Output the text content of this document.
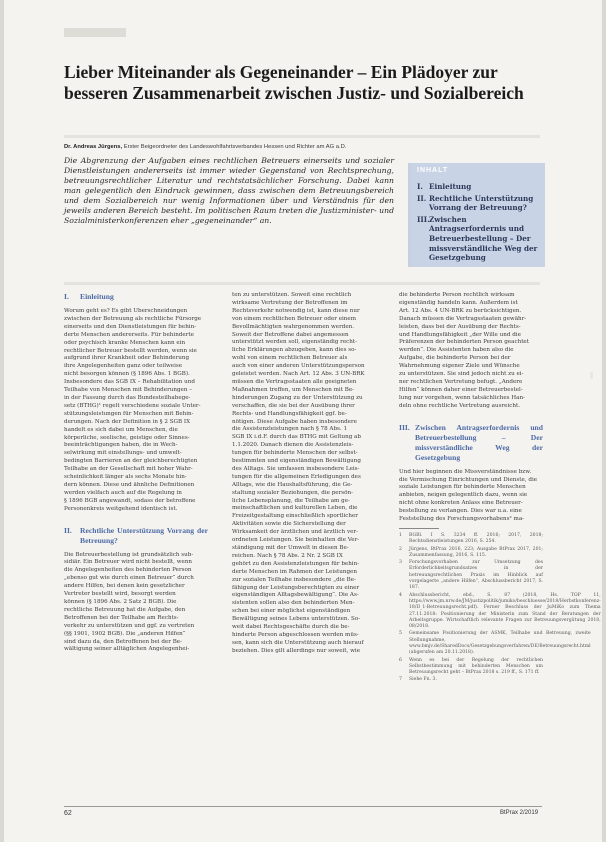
Lieber Miteinander als Gegeneinander – Ein Plädoyer zur besseren Zusammenarbeit zwischen Justiz- und Sozialbereich
Dr. Andreas Jürgens, Erster Beigeordneter des Landeswohlfahrtsverbandes Hessen und Richter am AG a.D.

Die Abgrenzung der Aufgaben eines rechtlichen Betreuers einerseits und sozialer Dienstleistungen andererseits ist immer wieder Gegenstand von Rechtsprechung, betreuungsrechtlicher Literatur und rechtstatsächlicher Forschung. Dabei kann man gelegentlich den Eindruck gewinnen, dass zwischen dem Betreuungsbereich und dem Sozialbereich nur wenig Informationen über und Verständnis für den jeweils anderen Bereich besteht. Im politischen Raum treten die Justizminister- und Sozialministerkonferenzen eher „gegeneinander“ an.

INHALT
I. Einleitung
II. Rechtliche Unterstützung Vorrang der Betreuung?
III. Zwischen Antragserfordernis und Betreuerbestellung – Der missverständliche Weg der Gesetzgebung
I.	Einleitung

Worum geht es? Es gibt Überschneidungen
zwischen der Betreuung als rechtliche Fürsorge
einerseits und den Dienstleistungen für behin-
derte Menschen andererseits. Für behinderte
oder psychisch kranke Menschen kann ein
rechtlicher Betreuer bestellt werden, wenn sie
aufgrund ihrer Krankheit oder Behinderung
ihre Angelegenheiten ganz oder teilweise
nicht besorgen können (§ 1896 Abs. 1 BGB).
Insbesondere das SGB IX – Rehabilitation und
Teilhabe von Menschen mit Behinderungen –
in der Fassung durch das Bundesteilhabege-
setz (BTHG)¹ regelt verschiedene soziale Unter-
stützungsleistungen für Menschen mit Behin-
derungen. Nach der Definition in § 2 SGB IX
handelt es sich dabei um Menschen, die
körperliche, seelische, geistige oder Sinnes-
beeinträchtigungen haben, die in Wech-
selwirkung mit einstellungs- und umwelt-
bedingten Barrieren an der gleichberechtigten
Teilhabe an der Gesellschaft mit hoher Wahr-
scheinlichkeit länger als sechs Monate hin-
dern können. Diese und ähnliche Definitionen
werden vielfach auch auf die Regelung in
§ 1896 BGB angewandt, sodass der betroffene
Personenkreis weitgehend identisch ist.

II.	Rechtliche Unterstützung Vorrang der Betreuung?

Die Betreuerbestellung ist grundsätzlich sub-
sidiär. Ein Betreuer wird nicht bestellt, wenn
die Angelegenheiten des behinderten Person
„ebenso gut wie durch einen Betreuer“ durch
andere Hilfen, bei denen kein gesetzlicher
Vertreter bestellt wird, besorgt werden
können (§ 1896 Abs. 2 Satz 2 BGB). Die
rechtliche Betreuung hat die Aufgabe, den
Betroffenen bei der Teilhabe am Rechts-
verkehr zu unterstützen und ggf. zu vertreten
(§§ 1901, 1902 BGB). Die „anderen Hilfen“
sind dazu da, den Betroffenen bei der Be-
wältigung seiner alltäglichen Angelegenhei-

ten zu unterstützen. Soweit eine rechtlich
wirksame Vertretung der Betroffenen im
Rechtsverkehr notwendig ist, kann diese nur
von einem rechtlichen Betreuer oder einem
Bevollmächtigten wahrgenommen werden.
Soweit der Betroffene dabei angemessen
unterstützt werden soll, eigenständig recht-
liche Erklärungen abzugeben, kann dies so-
wohl von einem rechtlichen Betreuer als
auch von einer anderen Unterstützungsperson
geleistet werden. Nach Art. 12 Abs. 3 UN-BRK
müssen die Vertragsstaaten alle geeigneten
Maßnahmen treffen, um Menschen mit Be-
hinderungen Zugang zu der Unterstützung zu
verschaffen, die sie bei der Ausübung ihrer
Rechts- und Handlungsfähigkeit ggf. be-
nötigen. Diese Aufgabe haben insbesondere
die Assistenzleistungen nach § 78 Abs. 1
SGB IX i.d.F. durch das BTHG mit Geltung ab
1.1.2020. Danach dienen die Assistenzleis-
tungen für behinderte Menschen der selbst-
bestimmten und eigenständigen Bewältigung
des Alltags. Sie umfassen insbesondere Leis-
tungen für die allgemeinen Erledigungen des
Alltags, wie die Haushaltsführung, die Ge-
staltung sozialer Beziehungen, die persön-
liche Lebensplanung, die Teilhabe am ge-
meinschaftlichen und kulturellen Leben, die
Freizeitgestaltung einschließlich sportlicher
Aktivitäten sowie die Sicherstellung der
Wirksamkeit der ärztlichen und ärztlich ver-
ordneten Leistungen. Sie beinhalten die Ver-
ständigung mit der Umwelt in diesen Be-
reichen. Nach § 78 Abs. 2 Nr. 2 SGB IX
gehört zu den Assistenzleistungen für behin-
derte Menschen im Rahmen der Leistungen
zur sozialen Teilhabe insbesondere „die Be-
fähigung der Leistungsberechtigten zu einer
eigenständigen Alltagsbewältigung“. Die As-
sistenten sollen also den behinderten Men-
schen bei einer möglichst eigenständigen
Bewältigung seines Lebens unterstützen. So-
weit dabei Rechtsgeschäfte durch die be-
hinderte Person abgeschlossen werden müs-
sen, kann sich die Unterstützung auch hierauf
beziehen. Dies gilt allerdings nur soweit, wie

die behinderte Person rechtlich wirksam
eigenständig handeln kann. Außerdem ist
Art. 12 Abs. 4 UN-BRK zu berücksichtigen.
Danach müssen die Vertragsstaaten gewähr-
leisten, dass bei der Ausübung der Rechts-
und Handlungsfähigkeit „der Wille und die
Präferenzen der behinderten Person geachtet
werden“. Die Assistenten haben also die
Aufgabe, die behinderte Person bei der
Wahrnehmung eigener Ziele und Wünsche
zu unterstützen. Sie sind jedoch nicht zu ei-
ner rechtlichen Vertretung befugt. „Andere
Hilfen“ können daher einer Betreuerbestel-
lung nur vorgehen, wenn tatsächliches Han-
deln ohne rechtliche Vertretung ausreicht.

III. Zwischen Antragserfordernis und Betreuerbestellung – Der missverständliche Weg der Gesetzgebung

Und hier beginnen die Missverständnisse bzw.
die Vermischung Einrichtungen und Dienste, die
soziale Leistungen für behinderte Menschen
anbieten, neigen gelegentlich dazu, wenn sie
nicht ohne konkreten Anlass eine Betreuer-
bestellung zu verlangen. Dies war u.a. eine
Feststellung des Forschungsvorhabens² ma-

1	BGBl. I S. 3234 ff. 2016; 2017, 2018; Rechtsdienstleistungen 2016, S. 254.
2	Jürgens, BtPrax 2016, 223; Ausgabe BtPrax 2017, 201; Zusammenfassung, 2016, S. 115.
3	Forschungsvorhaben zur Umsetzung des Erforderlichkeitsgrundsatzes in der betreuungsrechtlichen Praxis im Hinblick auf vorgelagerte „andere Hilfen“, Abschlussbericht 2017, S. 187.
4	Abschlussbericht, ebd., S. 87 (2018, Hs. TOP 11, https://www.jm.nrw.de/JM/justizpolitik/jumiko/beschluesse/2018/Herbstkonferenz-18/II_1-Betreuungsrecht.pdf). Ferner Beschluss der JuMiKo zum Thema 27.11.2018: Positionierung der Ministerin zum Stand der Beratungen der Arbeitsgruppe. Wirtschaftlich relevante Fragen zur Betreuungsvergütung 2018, 08/2018.
5	Gemeinsame Positionierung der ASMK, Teilhabe und Betreuung, zweite Stellungnahme, www.bmjv.de/SharedDocs/Gesetzgebungsverfahren/DE/Betreuungsrecht.html (abgerufen am 20.11.2018).
6	Wenn es bei der Regelung der rechtlichen Selbstbestimmung mit behinderten Menschen um Betreuungsrecht geht – BtPrax 2018 s. 219 ff., S. 171 ff.
7	Siehe Fn. 3.
62	BtPrax 2/2019
